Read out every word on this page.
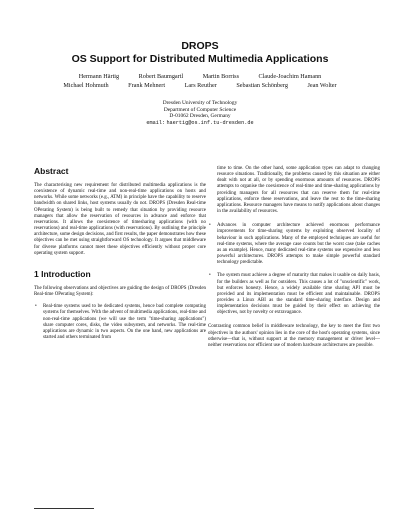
DROPS
OS Support for Distributed Multimedia Applications
Hermann Härtig	Robert Baumgartl	Martin Borriss	Claude-Joachim Hamann
Michael Hohmuth	Frank Mehnert	Lars Reuther	Sebastian Schönberg	Jean Wolter
Dresden University of Technology
Department of Computer Science
D-01062 Dresden, Germany
email: haertig@os.inf.tu-dresden.de
Abstract

The characterising new requirement for distributed multimedia applications is the coexistence of dynamic real-time and non-real-time applications on hosts and networks. While some networks (e.g., ATM) in principle have the capability to reserve bandwidth on shared links, host systems usually do not. DROPS (Dresden Real-time OPerating System) is being built to remedy that situation by providing resource managers that allow the reservation of resources in advance and enforce that reservations. It allows the coexistence of timesharing applications (with no reservations) and real-time applications (with reservations). By outlining the principle architecture, some design decisions, and first results, the paper demonstrates how these objectives can be met using straightforward OS technology. It argues that middleware for diverse platforms cannot meet these objectives efficiently without proper core operating system support.

1 Introduction

The following observations and objectives are guiding the design of DROPS (Dresden Real-time OPerating System):

• Real-time systems used to be dedicated systems, hence bad complete computing systems for themselves. With the advent of multimedia applications, real-time and non-real-time applications (we will use the term "time-sharing applications") share computer cores, disks, the video subsystem, and networks. The real-time applications are dynamic in two aspects. On the one hand, new applications are started and others terminated from

time to time. On the other hand, some application types can adapt to changing resource situations. Traditionally, the problems caused by this situation are either dealt with not at all, or by spending enormous amounts of resources. DROPS attempts to organise the coexistence of real-time and time-sharing applications by providing managers for all resources that can reserve them for real-time applications, enforce these reservations, and leave the rest to the time-sharing applications. Resource managers have means to notify applications about changes in the availability of resources.

• Advances in computer architecture achieved enormous performance improvements for time-sharing systems by exploiting observed locality of behaviour in such applications. Many of the employed techniques are useful for real-time systems, where the average case counts but the worst case (take caches as an example). Hence, many dedicated real-time systems use expensive and less powerful architectures. DROPS attempts to make simple powerful standard technology predictable.
• The system must achieve a degree of maturity that makes it usable on daily basis, for the builders as well as for outsiders. This causes a lot of "unscientific" work, but enforces honesty. Hence, a widely available time sharing API must be provided and its implementation must be efficient and maintainable. DROPS provides a Linux ABI as the standard time-sharing interface. Design and implementation decisions must be guided by their effect on achieving the objectives, not by novelty or extravagance.

Contrasting common belief in middleware technology, the key to meet the first two objectives in the authors' opinion lies in the core of the host's operating systems, since otherwise—that is, without support at the memory management or driver level—neither reservations nor efficient use of modern hardware architectures are possible.
